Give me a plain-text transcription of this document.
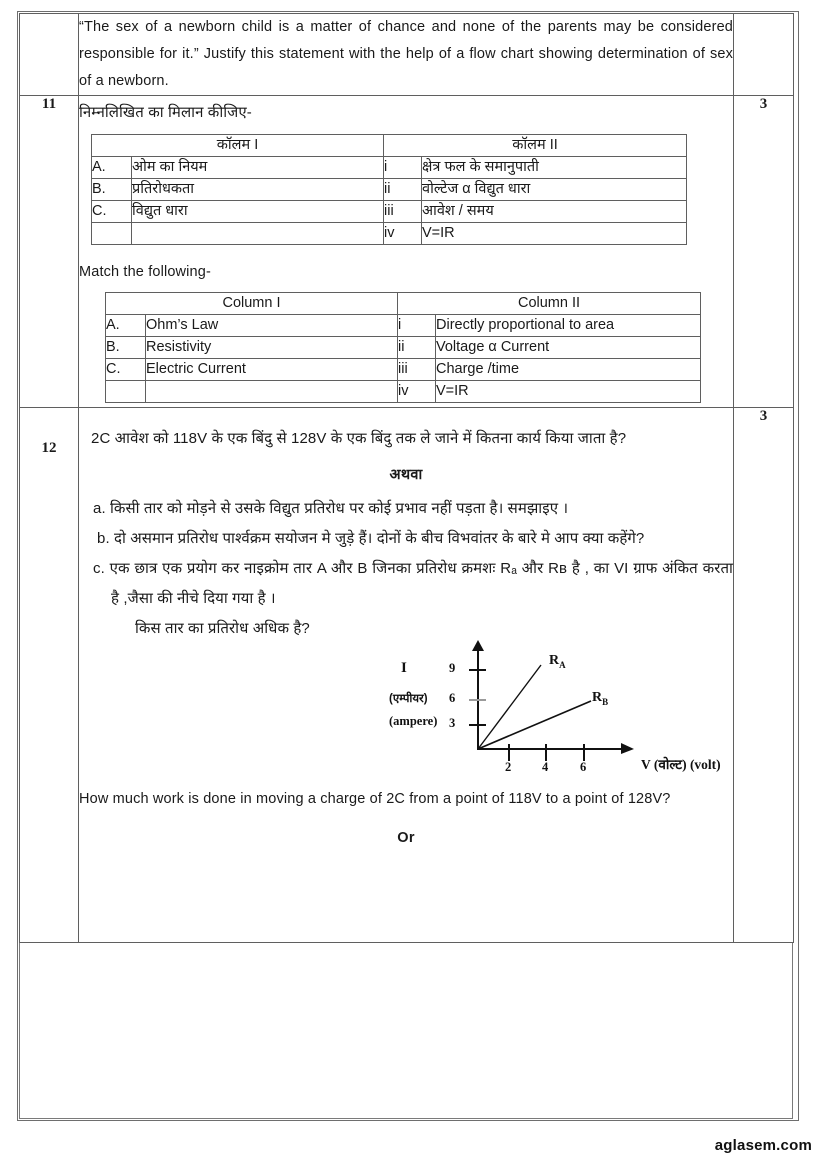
“The sex of a newborn child is a matter of chance and none of the parents may be considered responsible for it.” Justify this statement with the help of a flow chart showing determination of sex of a newborn.

11	निम्नलिखित का मिलान कीजिए-

कॉलम I	कॉलम II
A.	ओम का नियम	i	क्षेत्र फल के समानुपाती
B.	प्रतिरोधकता	ii	वोल्टेज α विद्युत धारा
C.	विद्युत धारा	iii	आवेश / समय
		iv	V=IR

Match the following-

Column I	Column II
A.	Ohm’s Law	i	Directly proportional to area
B.	Resistivity	ii	Voltage α Current
C.	Electric Current	iii	Charge /time
		iv	V=IR
	3
12	

2C आवेश को 118V के एक बिंदु से 128V के एक बिंदु तक ले जाने में कितना कार्य किया जाता है?

अथवा

a. किसी तार को मोड़ने से उसके विद्युत प्रतिरोध पर कोई प्रभाव नहीं पड़ता है। समझाइए ।

b. दो असमान प्रतिरोध पार्श्वक्रम सयोजन मे जुड़े हैं। दोनों के बीच विभवांतर के बारे मे आप क्या कहेंगे?

c. एक छात्र एक प्रयोग कर नाइक्रोम तार A और B जिनका प्रतिरोध क्रमशः Rₐ और Rʙ है , का VI ग्राफ अंकित करता है ,जैसा की नीचे दिया गया है ।

किस तार का प्रतिरोध अधिक है?

9
6
3
2 4	6
I
(एम्पीयर)
(ampere)
V (वोल्ट) (volt)
$R_A$
$R_B$

How much work is done in moving a charge of 2C from a point of 118V to a point of 128V?

Or

	3
aglasem.com
